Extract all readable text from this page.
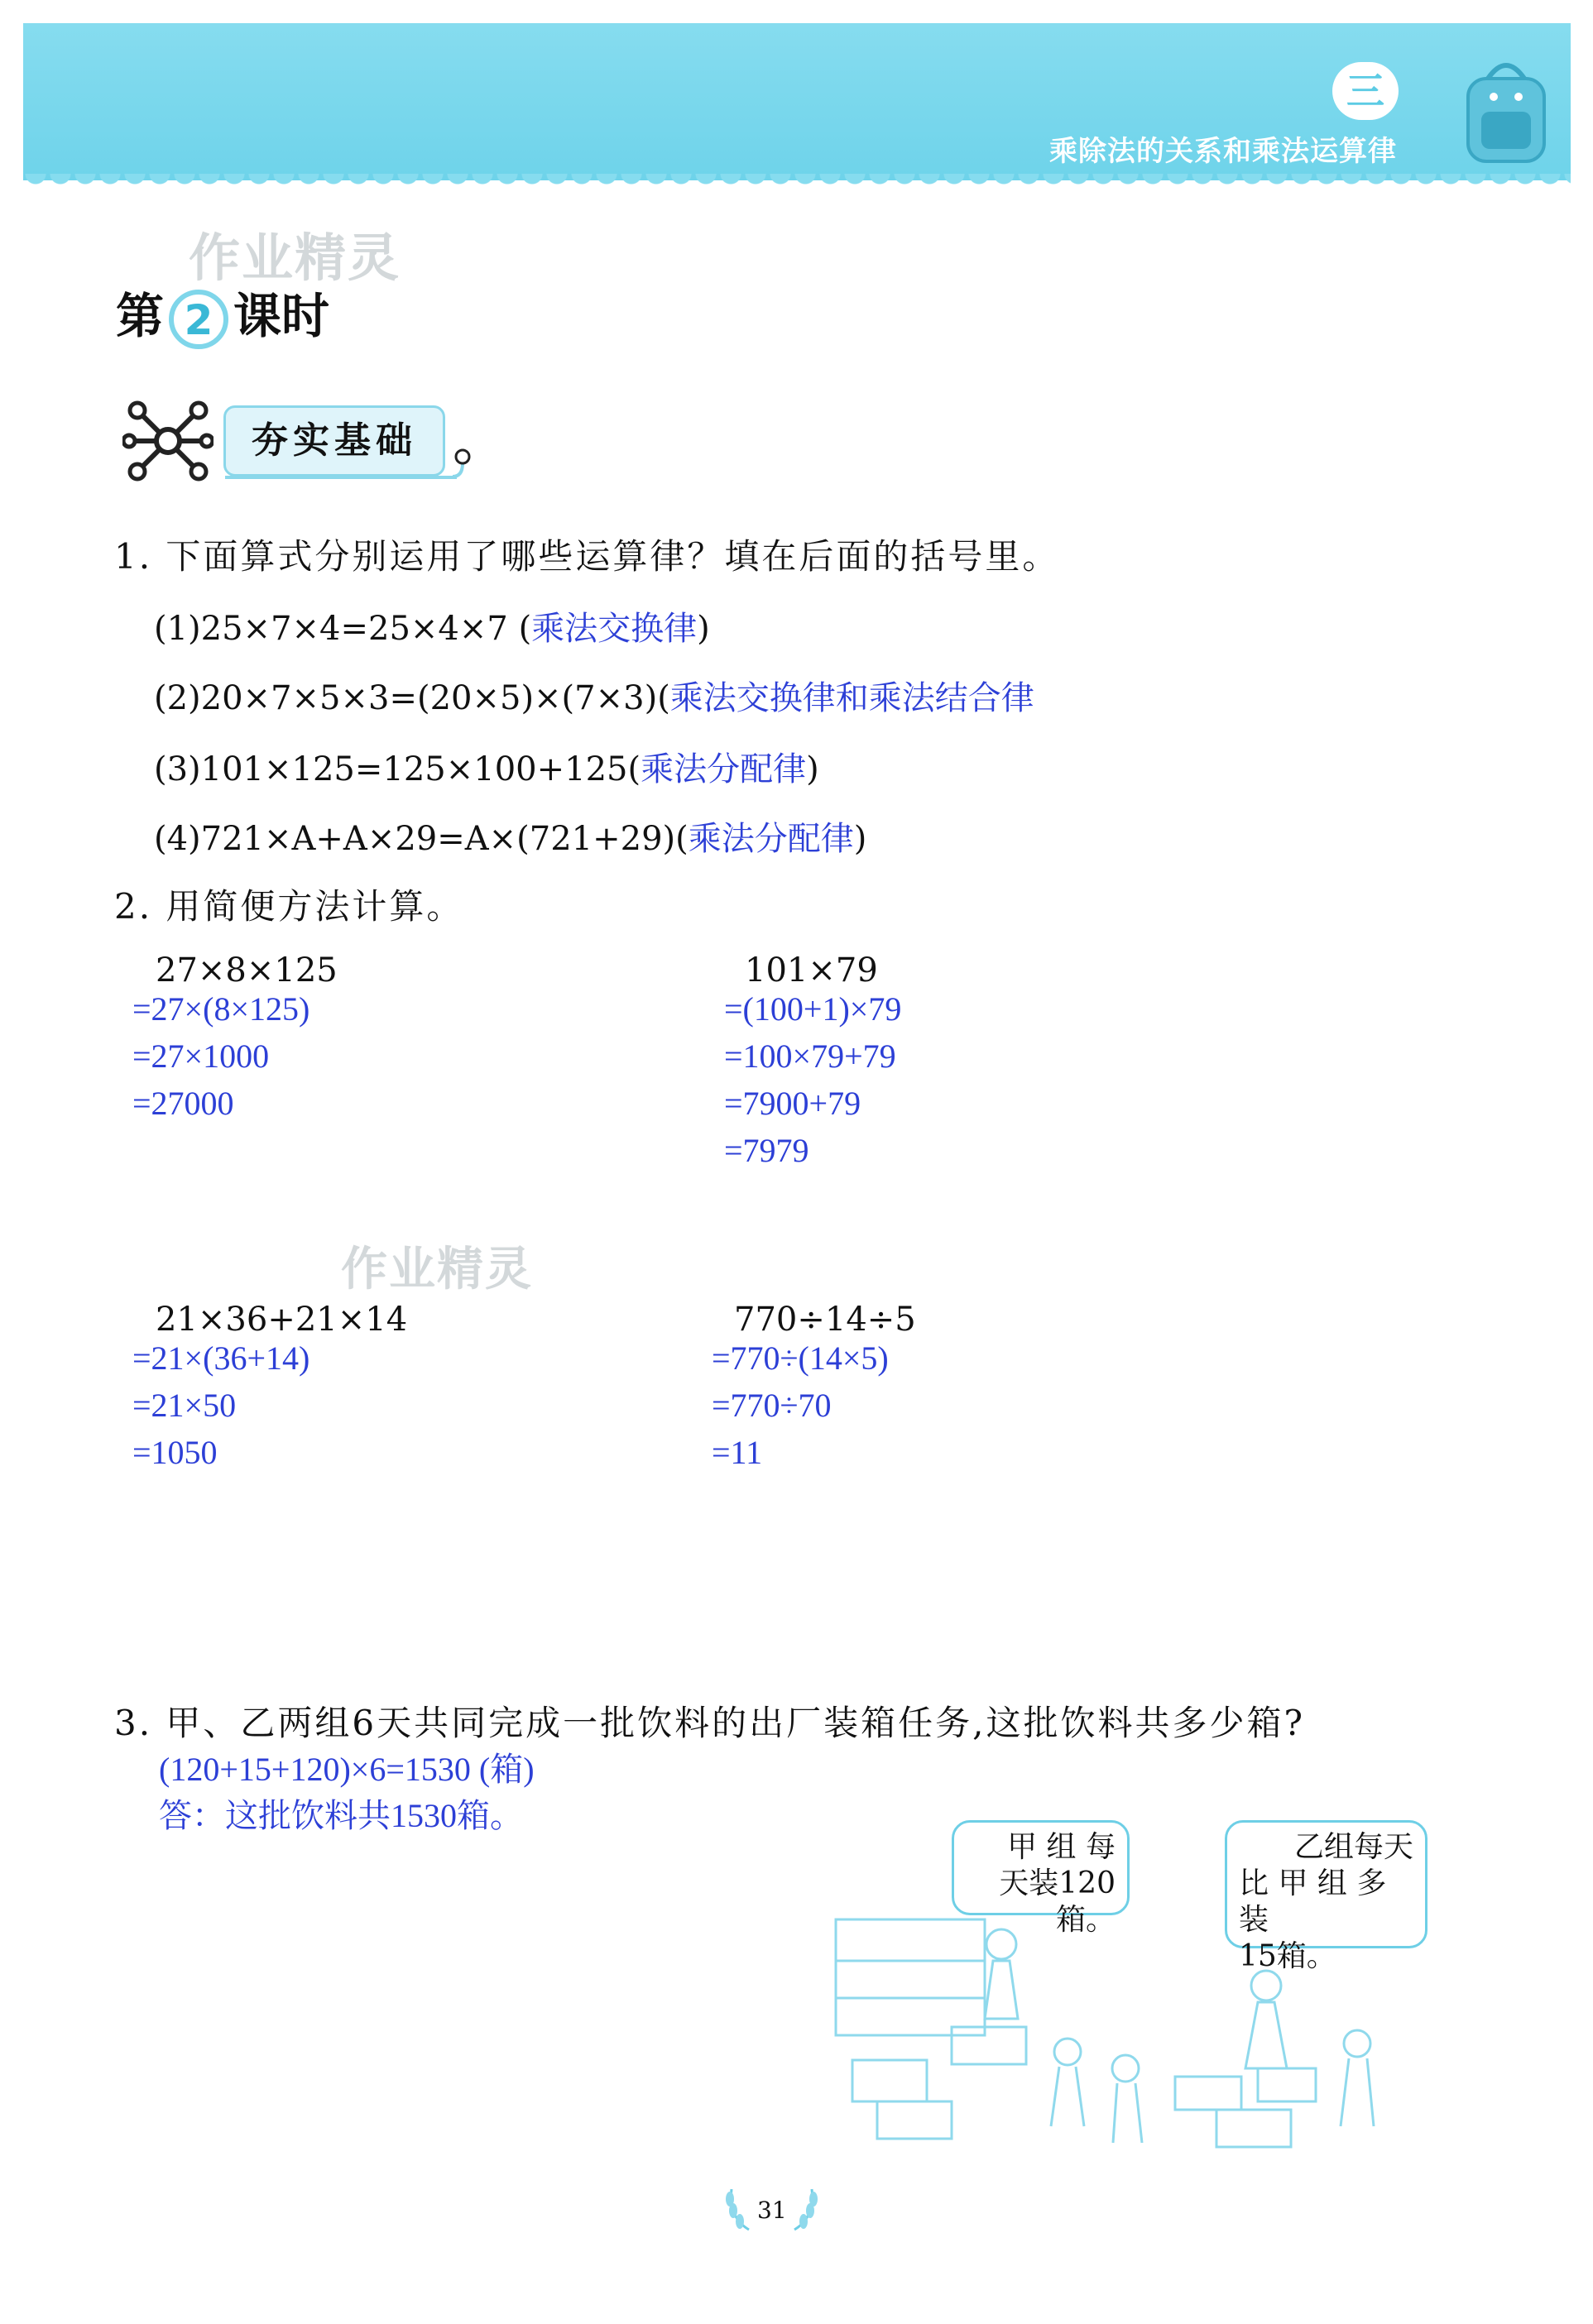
三
乘除法的关系和乘法运算律
作业精灵
作业精灵
第 2 课时
夯实基础
1. 下面算式分别运用了哪些运算律？填在后面的括号里。
(1)25×7×4=25×4×7 (乘法交换律)
(2)20×7×5×3=(20×5)×(7×3)(乘法交换律和乘法结合律
(3)101×125=125×100+125(乘法分配律)
(4)721×A+A×29=A×(721+29)(乘法分配律)
2. 用简便方法计算。
27×8×125
=27×(8×125)
=27×1000
=27000
101×79
=(100+1)×79
=100×79+79
=7900+79
=7979
21×36+21×14
=21×(36+14)
=21×50
=1050
770÷14÷5
=770÷(14×5)
=770÷70
=11
3. 甲、乙两组6天共同完成一批饮料的出厂装箱任务,这批饮料共多少箱?
(120+15+120)×6=1530 (箱)
答：这批饮料共1530箱。
甲 组 每
天装120箱。
乙组每天
比 甲 组 多 装
15箱。
31
